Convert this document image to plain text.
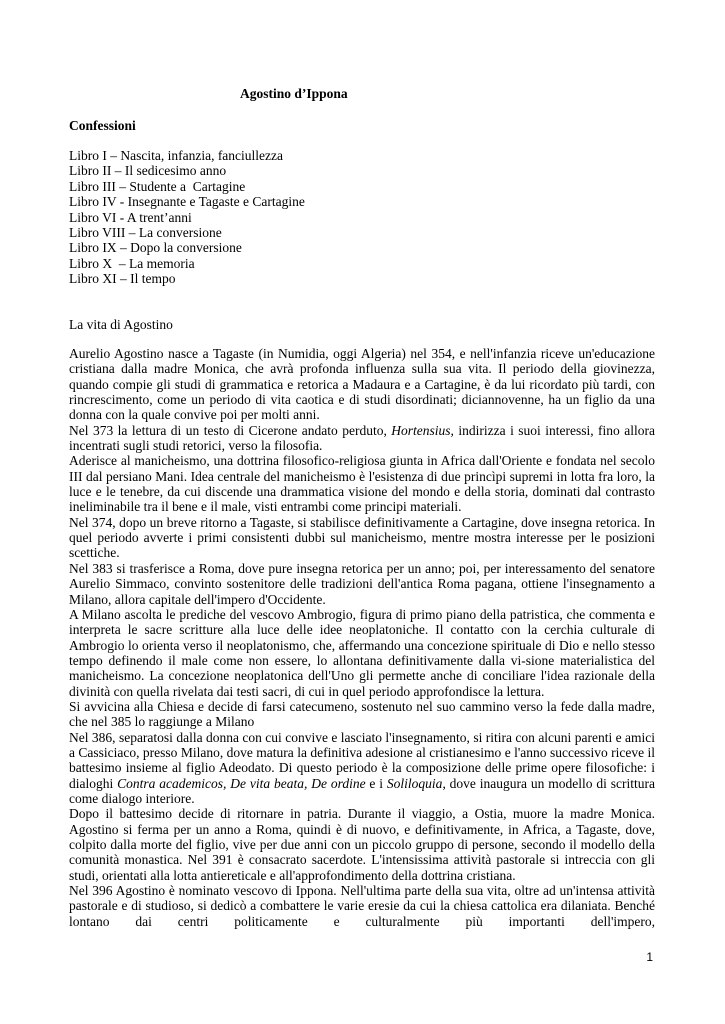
Agostino d’Ippona
Confessioni
Libro I – Nascita, infanzia, fanciullezza
Libro II – Il sedicesimo anno
Libro III – Studente a  Cartagine
Libro IV - Insegnante e Tagaste e Cartagine
Libro VI - A trent’anni
Libro VIII – La conversione
Libro IX – Dopo la conversione
Libro X  – La memoria
Libro XI – Il tempo
La vita di Agostino

Aurelio Agostino nasce a Tagaste (in Numidia, oggi Algeria) nel 354, e nell'infanzia riceve un'educazione cristiana dalla madre Monica, che avrà profonda influenza sulla sua vita. Il periodo della giovinezza, quando compie gli studi di grammatica e retorica a Madaura e a Cartagine, è da lui ricordato più tardi, con rincrescimento, come un periodo di vita caotica e di studi disordinati; diciannovenne, ha un figlio da una donna con la quale convive poi per molti anni.

Nel 373 la lettura di un testo di Cicerone andato perduto, Hortensius, indirizza i suoi interessi, fino allora incentrati sugli studi retorici, verso la filosofia.

Aderisce al manicheismo, una dottrina filosofico-religiosa giunta in Africa dall'Oriente e fondata nel secolo III dal persiano Mani. Idea centrale del manicheismo è l'esistenza di due princìpi supremi in lotta fra loro, la luce e le tenebre, da cui discende una drammatica visione del mondo e della storia, dominati dal contrasto ineliminabile tra il bene e il male, visti entrambi come principi materiali.

Nel 374, dopo un breve ritorno a Tagaste, si stabilisce definitivamente a Cartagine, dove insegna retorica. In quel periodo avverte i primi consistenti dubbi sul manicheismo, mentre mostra interesse per le posizioni scettiche.

Nel 383 si trasferisce a Roma, dove pure insegna retorica per un anno; poi, per interessamento del senatore Aurelio Simmaco, convinto sostenitore delle tradizioni dell'antica Roma pagana, ottiene l'insegnamento a Milano, allora capitale dell'impero d'Occidente.

A Milano ascolta le prediche del vescovo Ambrogio, figura di primo piano della patristica, che commenta e interpreta le sacre scritture alla luce delle idee neoplatoniche. Il contatto con la cerchia culturale di Ambrogio lo orienta verso il neoplatonismo, che, affermando una concezione spirituale di Dio e nello stesso tempo definendo il male come non essere, lo allontana definitivamente dalla vi-sione materialistica del manicheismo. La concezione neoplatonica dell'Uno gli permette anche di conciliare l'idea razionale della divinità con quella rivelata dai testi sacri, di cui in quel periodo approfondisce la lettura.

Si avvicina alla Chiesa e decide di farsi catecumeno, sostenuto nel suo cammino verso la fede dalla madre, che nel 385 lo raggiunge a Milano

Nel 386, separatosi dalla donna con cui convive e lasciato l'insegnamento, si ritira con alcuni parenti e amici a Cassiciaco, presso Milano, dove matura la definitiva adesione al cristianesimo e l'anno successivo riceve il battesimo insieme al figlio Adeodato. Di questo periodo è la composizione delle prime opere filosofiche: i dialoghi Contra academicos, De vita beata, De ordine e i Soliloquia, dove inaugura un modello di scrittura come dialogo interiore.

Dopo il battesimo decide di ritornare in patria. Durante il viaggio, a Ostia, muore la madre Monica. Agostino si ferma per un anno a Roma, quindi è di nuovo, e definitivamente, in Africa, a Tagaste, dove, colpito dalla morte del figlio, vive per due anni con un piccolo gruppo di persone, secondo il modello della comunità monastica. Nel 391 è consacrato sacerdote. L'intensissima attività pastorale si intreccia con gli studi, orientati alla lotta antiereticale e all'approfondimento della dottrina cristiana.

Nel 396 Agostino è nominato vescovo di Ippona. Nell'ultima parte della sua vita, oltre ad un'intensa attività pastorale e di studioso, si dedicò a combattere le varie eresie da cui la chiesa cattolica era dilaniata. Benché lontano dai centri politicamente e culturalmente più importanti dell'impero,

1
